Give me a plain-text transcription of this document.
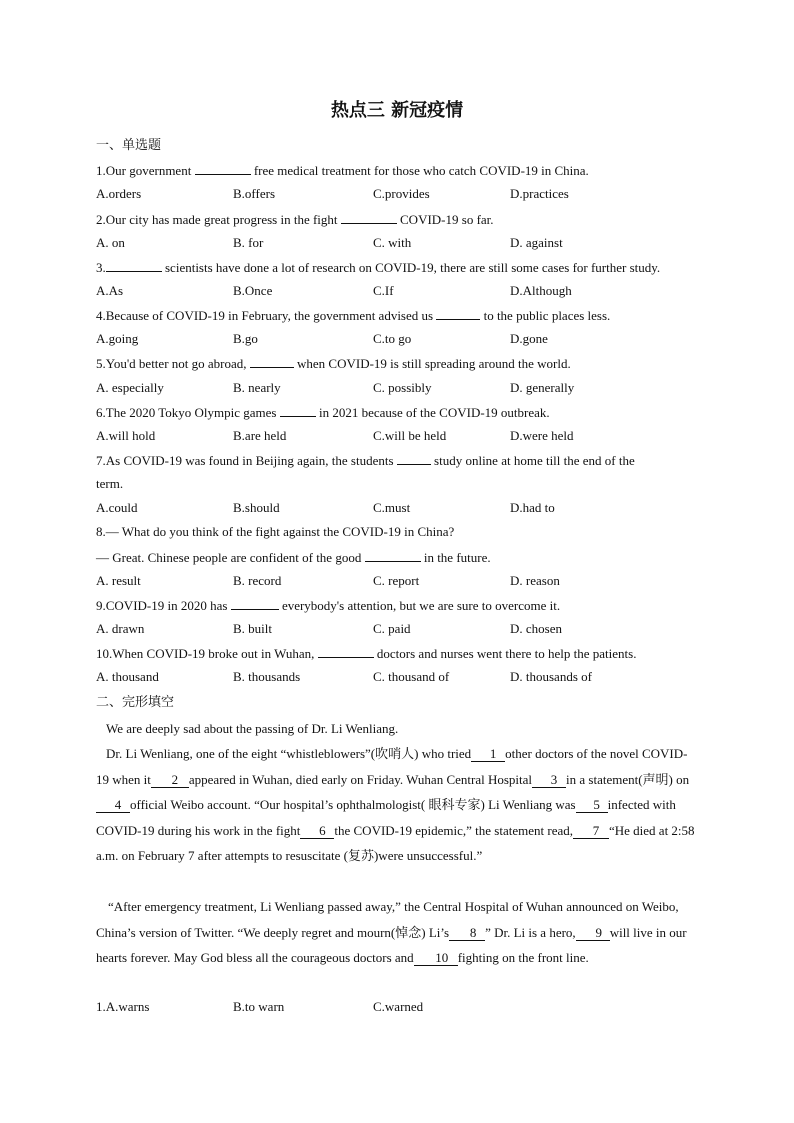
热点三 新冠疫情
一、单选题
1.Our government	free medical treatment for those who catch COVID-19 in China.
A.orders	B.offers	C.provides	D.practices
2.Our city has made great progress in the fight	COVID-19 so far.
A. on	B. for	C. with	D. against
3.	scientists have done a lot of research on COVID-19, there are still some cases for further study.
A.As	B.Once	C.If	D.Although
4.Because of COVID-19 in February, the government advised us	to the public places less.
A.going	B.go	C.to go	D.gone
5.You'd better not go abroad,	when COVID-19 is still spreading around the world.
A. especially	B. nearly	C. possibly	D. generally
6.The 2020 Tokyo Olympic games	in 2021 because of the COVID-19 outbreak.
A.will hold	B.are held	C.will be held	D.were held
7.As COVID-19 was found in Beijing again, the students	study online at home till the end of the
term.
A.could	B.should	C.must	D.had to
8.— What do you think of the fight against the COVID-19 in China?
— Great. Chinese people are confident of the good	in the future.
A. result	B. record	C. report	D. reason
9.COVID-19 in 2020 has	everybody's attention, but we are sure to overcome it.
A. drawn	B. built	C. paid	D. chosen
10.When COVID-19 broke out in Wuhan,	doctors and nurses went there to help the patients.
A. thousand	B. thousands	C. thousand of	D. thousands of
二、完形填空
We are deeply sad about the passing of Dr. Li Wenliang.
Dr. Li Wenliang, one of the eight “whistleblowers”(吹哨人) who tried 1 other doctors of the novel COVID-19 when it 2 appeared in Wuhan, died early on Friday. Wuhan Central Hospital 3 in a statement(声明) on4 official Weibo account. “Our hospital’s ophthalmologist( 眼科专家) Li Wenliang was 5 infected with COVID-19 during his work in the fight 6 the COVID-19 epidemic,” the statement read, 7 “He died at 2:58 a.m. on February 7 after attempts to resuscitate (复苏)were unsuccessful.”
“After emergency treatment, Li Wenliang passed away,” the Central Hospital of Wuhan announced on Weibo, China’s version of Twitter. “We deeply regret and mourn(悼念) Li’s 8 ” Dr. Li is a hero, 9 will live in our hearts forever. May God bless all the courageous doctors and 10 fighting on the front line.
1.A.warns	B.to warn	C.warned
